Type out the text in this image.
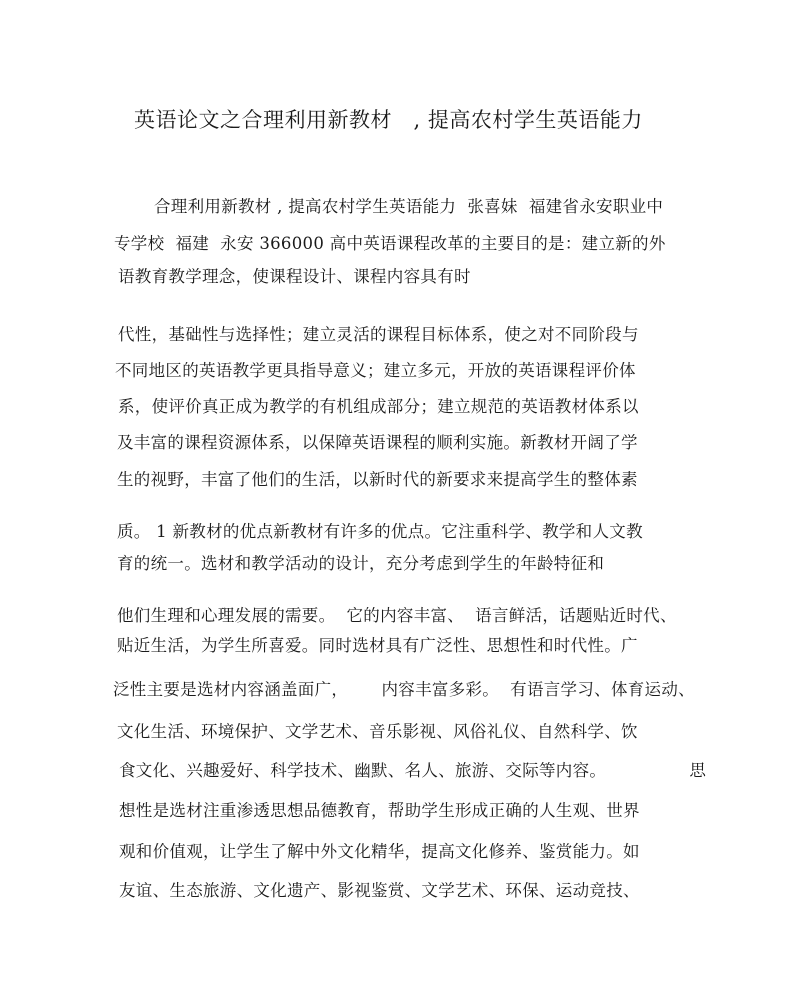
英语论文之合理利用新教材   , 提高农村学生英语能力
合理利用新教材 , 提高农村学生英语能力  张喜妹  福建省永安职业中
专学校  福建  永安 366000 高中英语课程改革的主要目的是：建立新的外
语教育教学理念，使课程设计、课程内容具有时
代性，基础性与选择性；建立灵活的课程目标体系，使之对不同阶段与
不同地区的英语教学更具指导意义；建立多元，开放的英语课程评价体
系，使评价真正成为教学的有机组成部分；建立规范的英语教材体系以
及丰富的课程资源体系，以保障英语课程的顺利实施。新教材开阔了学
生的视野，丰富了他们的生活，以新时代的新要求来提高学生的整体素
质。 1 新教材的优点新教材有许多的优点。它注重科学、教学和人文教
育的统一。选材和教学活动的设计，充分考虑到学生的年龄特征和
他们生理和心理发展的需要。  它的内容丰富、  语言鲜活，话题贴近时代、
贴近生活，为学生所喜爱。同时选材具有广泛性、思想性和时代性。广
泛性主要是选材内容涵盖面广，      内容丰富多彩。  有语言学习、体育运动、
文化生活、环境保护、文学艺术、音乐影视、风俗礼仪、自然科学、饮
食文化、兴趣爱好、科学技术、幽默、名人、旅游、交际等内容。               思
想性是选材注重渗透思想品德教育，帮助学生形成正确的人生观、世界
观和价值观，让学生了解中外文化精华，提高文化修养、鉴赏能力。如
友谊、生态旅游、文化遗产、影视鉴赏、文学艺术、环保、运动竞技、
